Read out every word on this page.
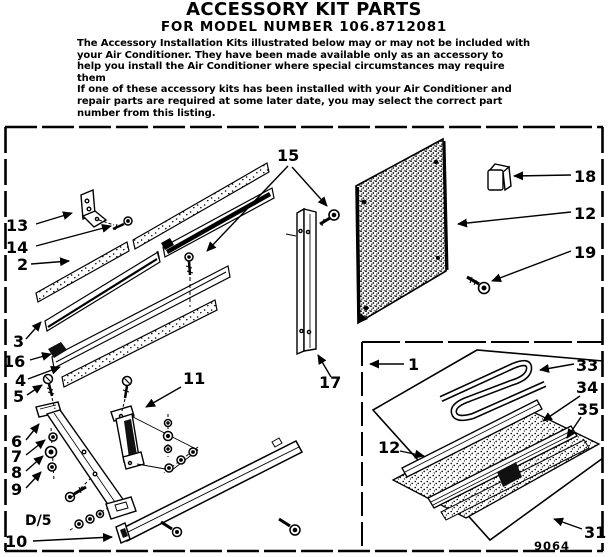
ACCESSORY KIT PARTS
FOR MODEL NUMBER 106.8712081
The Accessory Installation Kits illustrated below may or may not be included with
your Air Conditioner. They have been made available only as an accessory to
help you install the Air Conditioner where special circumstances may require
them
If one of these accessory kits has been installed with your Air Conditioner and
repair parts are required at some later date, you may select the correct part
number from this listing.
13
14
2
3
16
4
5
6
7
8
9
10
11
15
17
18
12
19
1	33
34
35
12
31
D/5
9064
